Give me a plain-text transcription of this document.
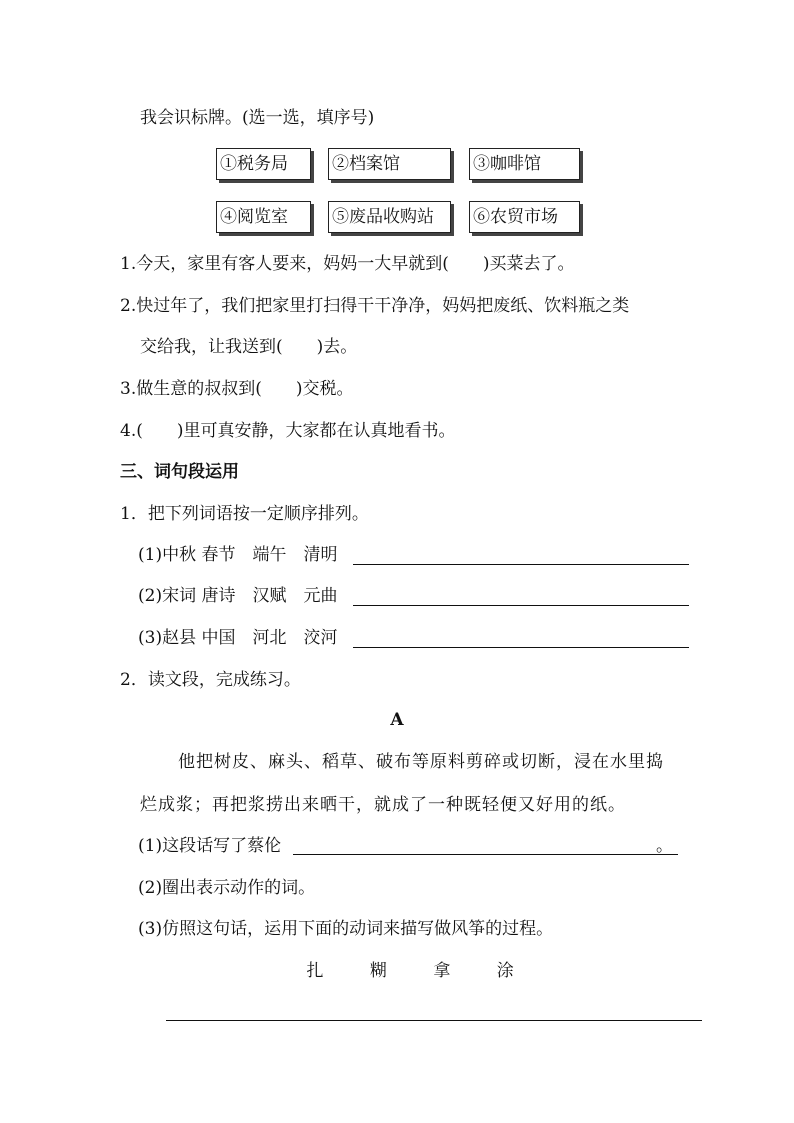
我会识标牌。(选一选，填序号)
①税务局	②档案馆	③咖啡馆
④阅览室	⑤废品收购站	⑥农贸市场
1.今天，家里有客人要来，妈妈一大早就到(　　)买菜去了。
2.快过年了，我们把家里打扫得干干净净，妈妈把废纸、饮料瓶之类
交给我，让我送到(　　)去。
3.做生意的叔叔到(　　)交税。
4.(　　)里可真安静，大家都在认真地看书。
三、词句段运用
1．把下列词语按一定顺序排列。
(1)中秋 春节　端午　清明
(2)宋词 唐诗　汉赋　元曲
(3)赵县 中国　河北　洨河
2．读文段，完成练习。
A
他把树皮、麻头、稻草、破布等原料剪碎或切断，浸在水里捣
烂成浆；再把浆捞出来晒干，就成了一种既轻便又好用的纸。
(1)这段话写了蔡伦	。
(2)圈出表示动作的词。
(3)仿照这句话，运用下面的动词来描写做风筝的过程。
扎	糊	拿	涂
